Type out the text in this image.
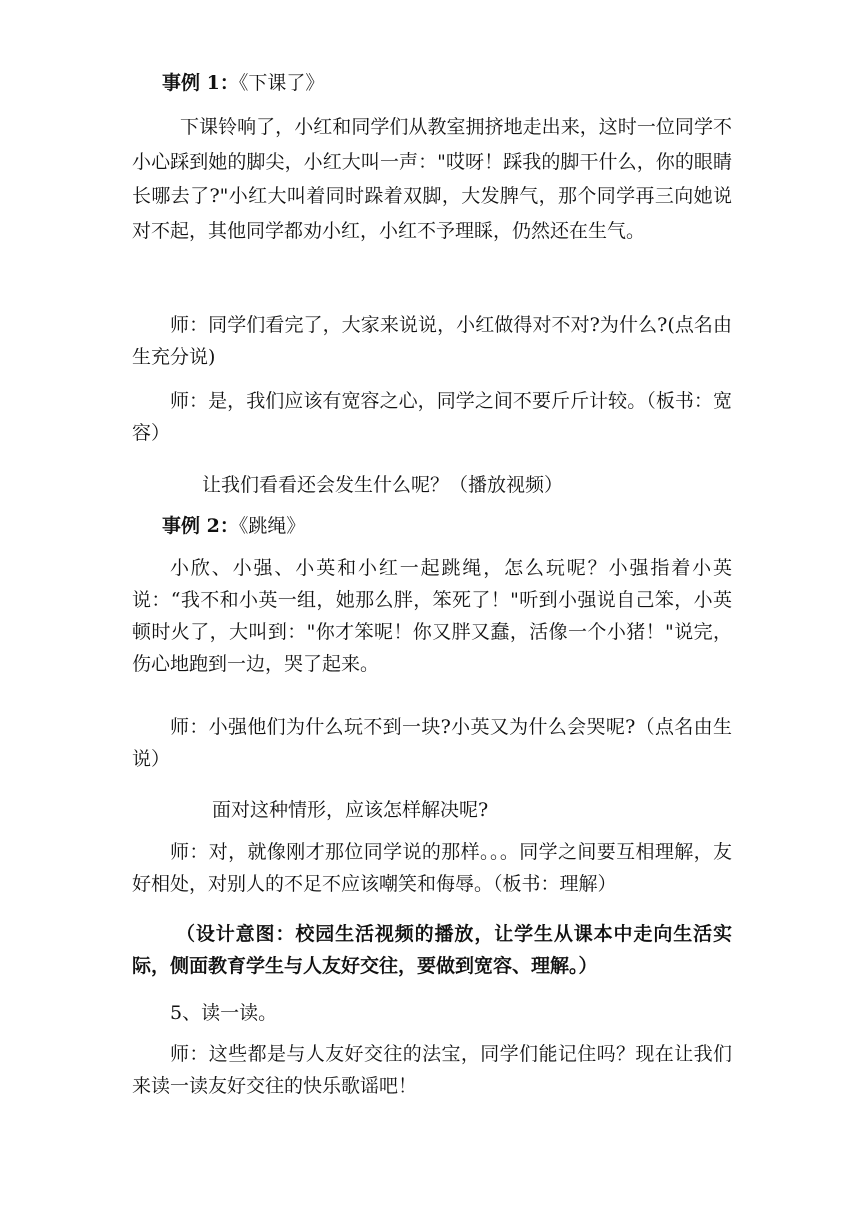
事例 1：《下课了》

下课铃响了，小红和同学们从教室拥挤地走出来，这时一位同学不小心踩到她的脚尖，小红大叫一声："哎呀！踩我的脚干什么，你的眼睛长哪去了?"小红大叫着同时跺着双脚，大发脾气，那个同学再三向她说对不起，其他同学都劝小红，小红不予理睬，仍然还在生气。

师：同学们看完了，大家来说说，小红做得对不对?为什么?(点名由生充分说)

师：是，我们应该有宽容之心，同学之间不要斤斤计较。（板书：宽容）

让我们看看还会发生什么呢？（播放视频）

事例 2：《跳绳》

小欣、小强、小英和小红一起跳绳，怎么玩呢？小强指着小英说：“我不和小英一组，她那么胖，笨死了！"听到小强说自己笨，小英顿时火了，大叫到："你才笨呢！你又胖又蠢，活像一个小猪！"说完，伤心地跑到一边，哭了起来。

师：小强他们为什么玩不到一块?小英又为什么会哭呢?（点名由生说）

面对这种情形，应该怎样解决呢?

师：对，就像刚才那位同学说的那样。。。同学之间要互相理解，友好相处，对别人的不足不应该嘲笑和侮辱。（板书：理解）

（设计意图：校园生活视频的播放，让学生从课本中走向生活实际，侧面教育学生与人友好交往，要做到宽容、理解。）

5、读一读。

师：这些都是与人友好交往的法宝，同学们能记住吗？现在让我们来读一读友好交往的快乐歌谣吧！
